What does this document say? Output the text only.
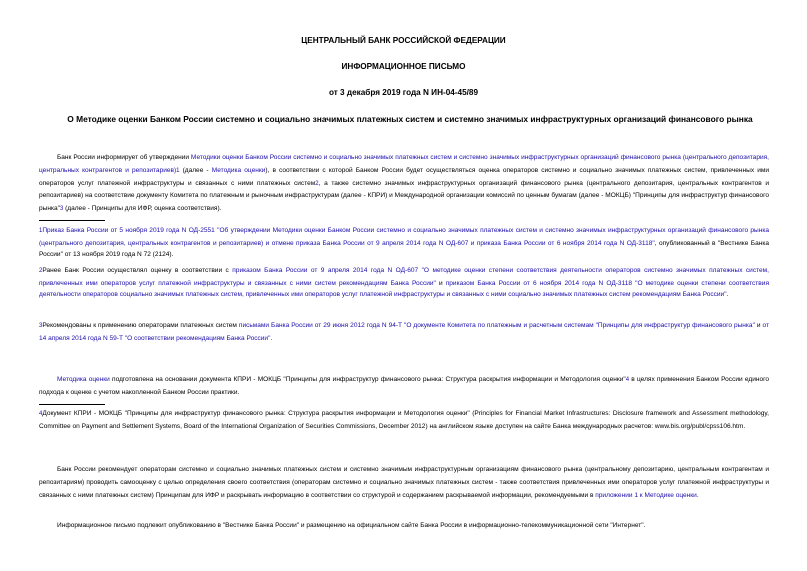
ЦЕНТРАЛЬНЫЙ БАНК РОССИЙСКОЙ ФЕДЕРАЦИИ
ИНФОРМАЦИОННОЕ ПИСЬМО
от 3 декабря 2019 года N ИН-04-45/89
О Методике оценки Банком России системно и социально значимых платежных систем и системно значимых инфраструктурных организаций финансового рынка

Банк России информирует об утверждении Методики оценки Банком России системно и социально значимых платежных систем и системно значимых инфраструктурных организаций финансового рынка (центрального депозитария, центральных контрагентов и репозитариев)1 (далее - Методика оценки), в соответствии с которой Банком России будет осуществляться оценка операторов системно и социально значимых платежных систем, привлеченных ими операторов услуг платежной инфраструктуры и связанных с ними платежных систем2, а также системно значимых инфраструктурных организаций финансового рынка (центрального депозитария, центральных контрагентов и репозитариев) на соответствие документу Комитета по платежным и рыночным инфраструктурам (далее - КПРИ) и Международной организации комиссий по ценным бумагам (далее - МОКЦБ) "Принципы для инфраструктур финансового рынка"3 (далее - Принципы для ИФР, оценка соответствия).

1Приказ Банка России от 5 ноября 2019 года N ОД-2551 "Об утверждении Методики оценки Банком России системно и социально значимых платежных систем и системно значимых инфраструктурных организаций финансового рынка (центрального депозитария, центральных контрагентов и репозитариев) и отмене приказа Банка России от 9 апреля 2014 года N ОД-607 и приказа Банка России от 6 ноября 2014 года N ОД-3118", опубликованный в "Вестнике Банка России" от 13 ноября 2019 года N 72 (2124).

2Ранее Банк России осуществлял оценку в соответствии с приказом Банка России от 9 апреля 2014 года N ОД-607 "О методике оценки степени соответствия деятельности операторов системно значимых платежных систем, привлеченных ими операторов услуг платежной инфраструктуры и связанных с ними систем рекомендациям Банка России" и приказом Банка России от 6 ноября 2014 года N ОД-3118 "О методике оценки степени соответствия деятельности операторов социально значимых платежных систем, привлеченных ими операторов услуг платежной инфраструктуры и связанных с ними социально значимых платежных систем рекомендациям Банка России".

3Рекомендованы к применению операторами платежных систем письмами Банка России от 29 июня 2012 года N 94-Т "О документе Комитета по платежным и расчетным системам "Принципы для инфраструктур финансового рынка" и от 14 апреля 2014 года N 59-Т "О соответствии рекомендациям Банка России".

Методика оценки подготовлена на основании документа КПРИ - МОКЦБ "Принципы для инфраструктур финансового рынка: Структура раскрытия информации и Методология оценки"4 в целях применения Банком России единого подхода к оценке с учетом накопленной Банком России практики.

4Документ КПРИ - МОКЦБ "Принципы для инфраструктур финансового рынка: Структура раскрытия информации и Методология оценки" (Principles for Financial Market Infrastructures: Disclosure framework and Assessment methodology, Committee on Payment and Settlement Systems, Board of the International Organization of Securities Commissions, December 2012) на английском языке доступен на сайте Банка международных расчетов: www.bis.org/publ/cpss106.htm.

Банк России рекомендует операторам системно и социально значимых платежных систем и системно значимым инфраструктурным организациям финансового рынка (центральному депозитарию, центральным контрагентам и репозитариям) проводить самооценку с целью определения своего соответствия (операторам системно и социально значимых платежных систем - также соответствия привлеченных ими операторов услуг платежной инфраструктуры и связанных с ними платежных систем) Принципам для ИФР и раскрывать информацию в соответствии со структурой и содержанием раскрываемой информации, рекомендуемыми в приложении 1 к Методике оценки.

Информационное письмо подлежит опубликованию в "Вестнике Банка России" и размещению на официальном сайте Банка России в информационно-телекоммуникационной сети "Интернет".
